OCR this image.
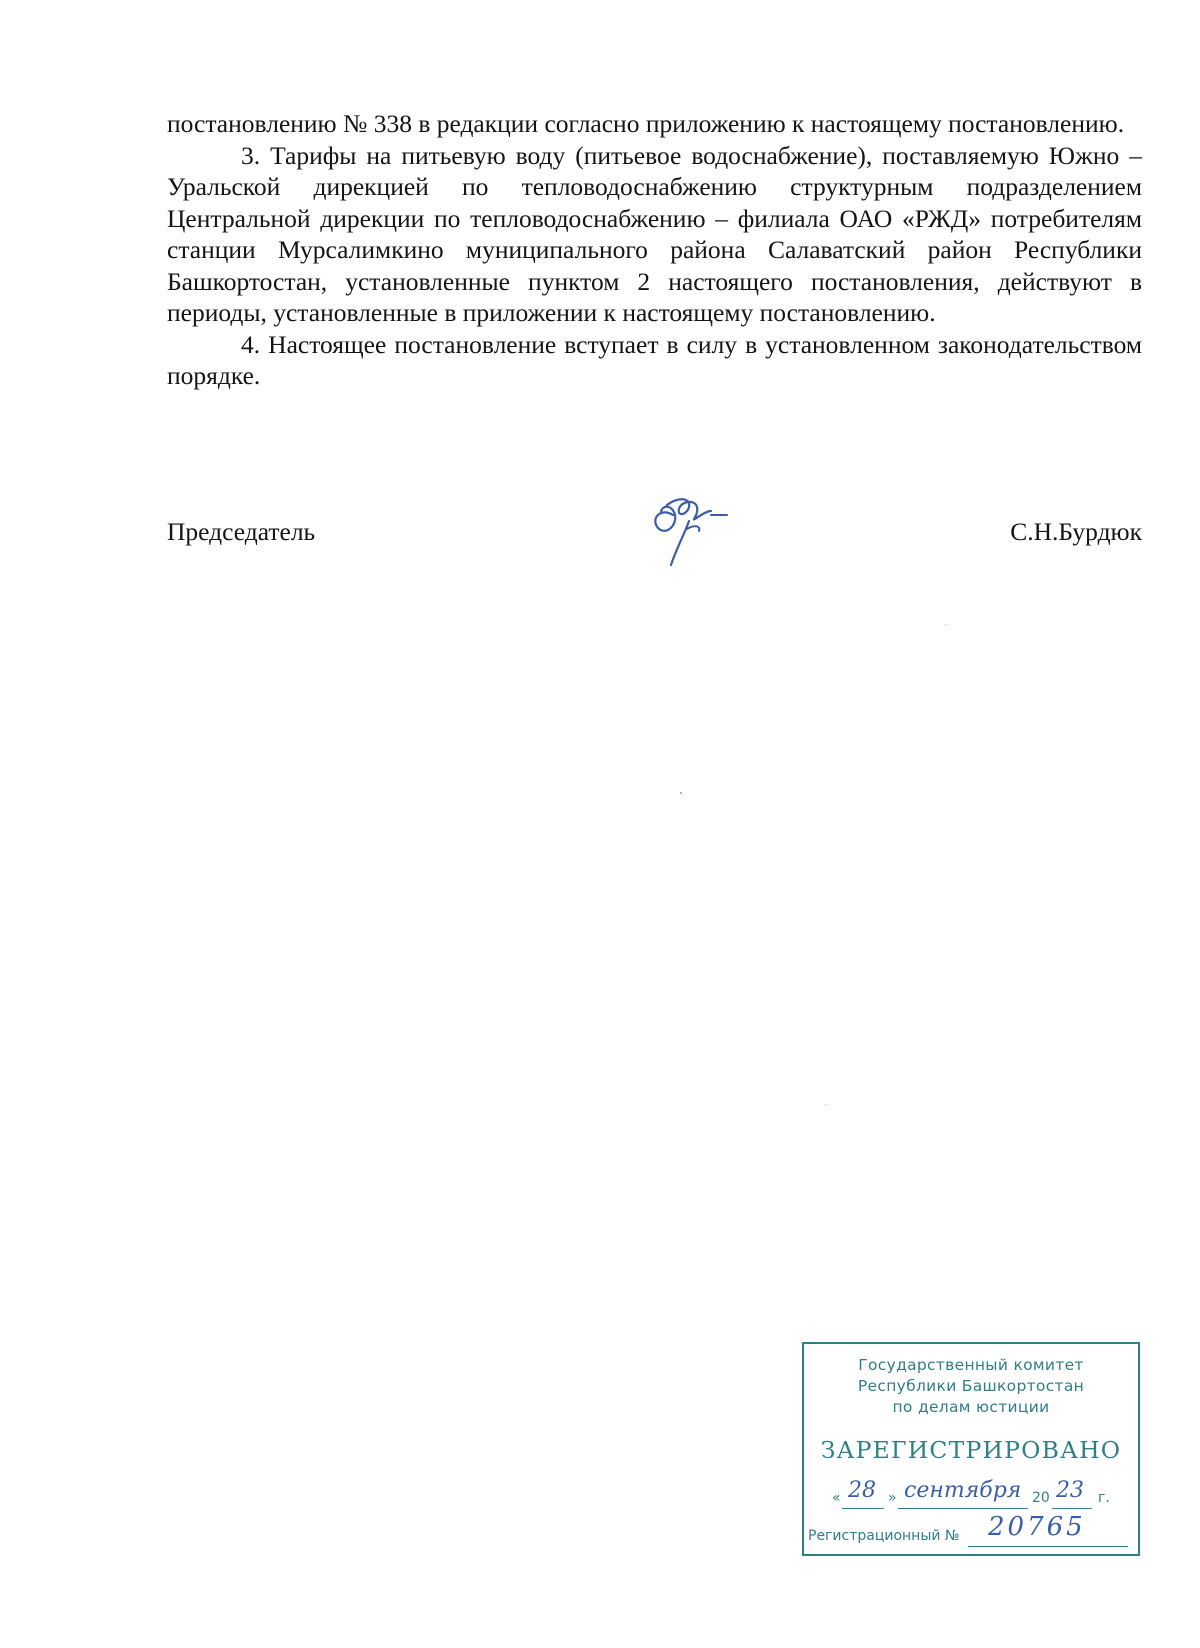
постановлению № 338 в редакции согласно приложению к настоящему постановлению.

3. Тарифы на питьевую воду (питьевое водоснабжение), поставляемую Южно – Уральской дирекцией по тепловодоснабжению структурным подразделением Центральной дирекции по тепловодоснабжению – филиала ОАО «РЖД» потребителям станции Мурсалимкино муниципального района Салаватский район Республики Башкортостан, установленные пунктом 2 настоящего постановления, действуют в периоды, установленные в приложении к настоящему постановлению.

4. Настоящее постановление вступает в силу в установленном законодательством порядке.

Председатель	С.Н.Бурдюк
Государственный комитет
Республики Башкортостан
по делам юстиции
ЗАРЕГИСТРИРОВАНО
« 28 » сентября 20 23 г.
Регистрационный № 20765
